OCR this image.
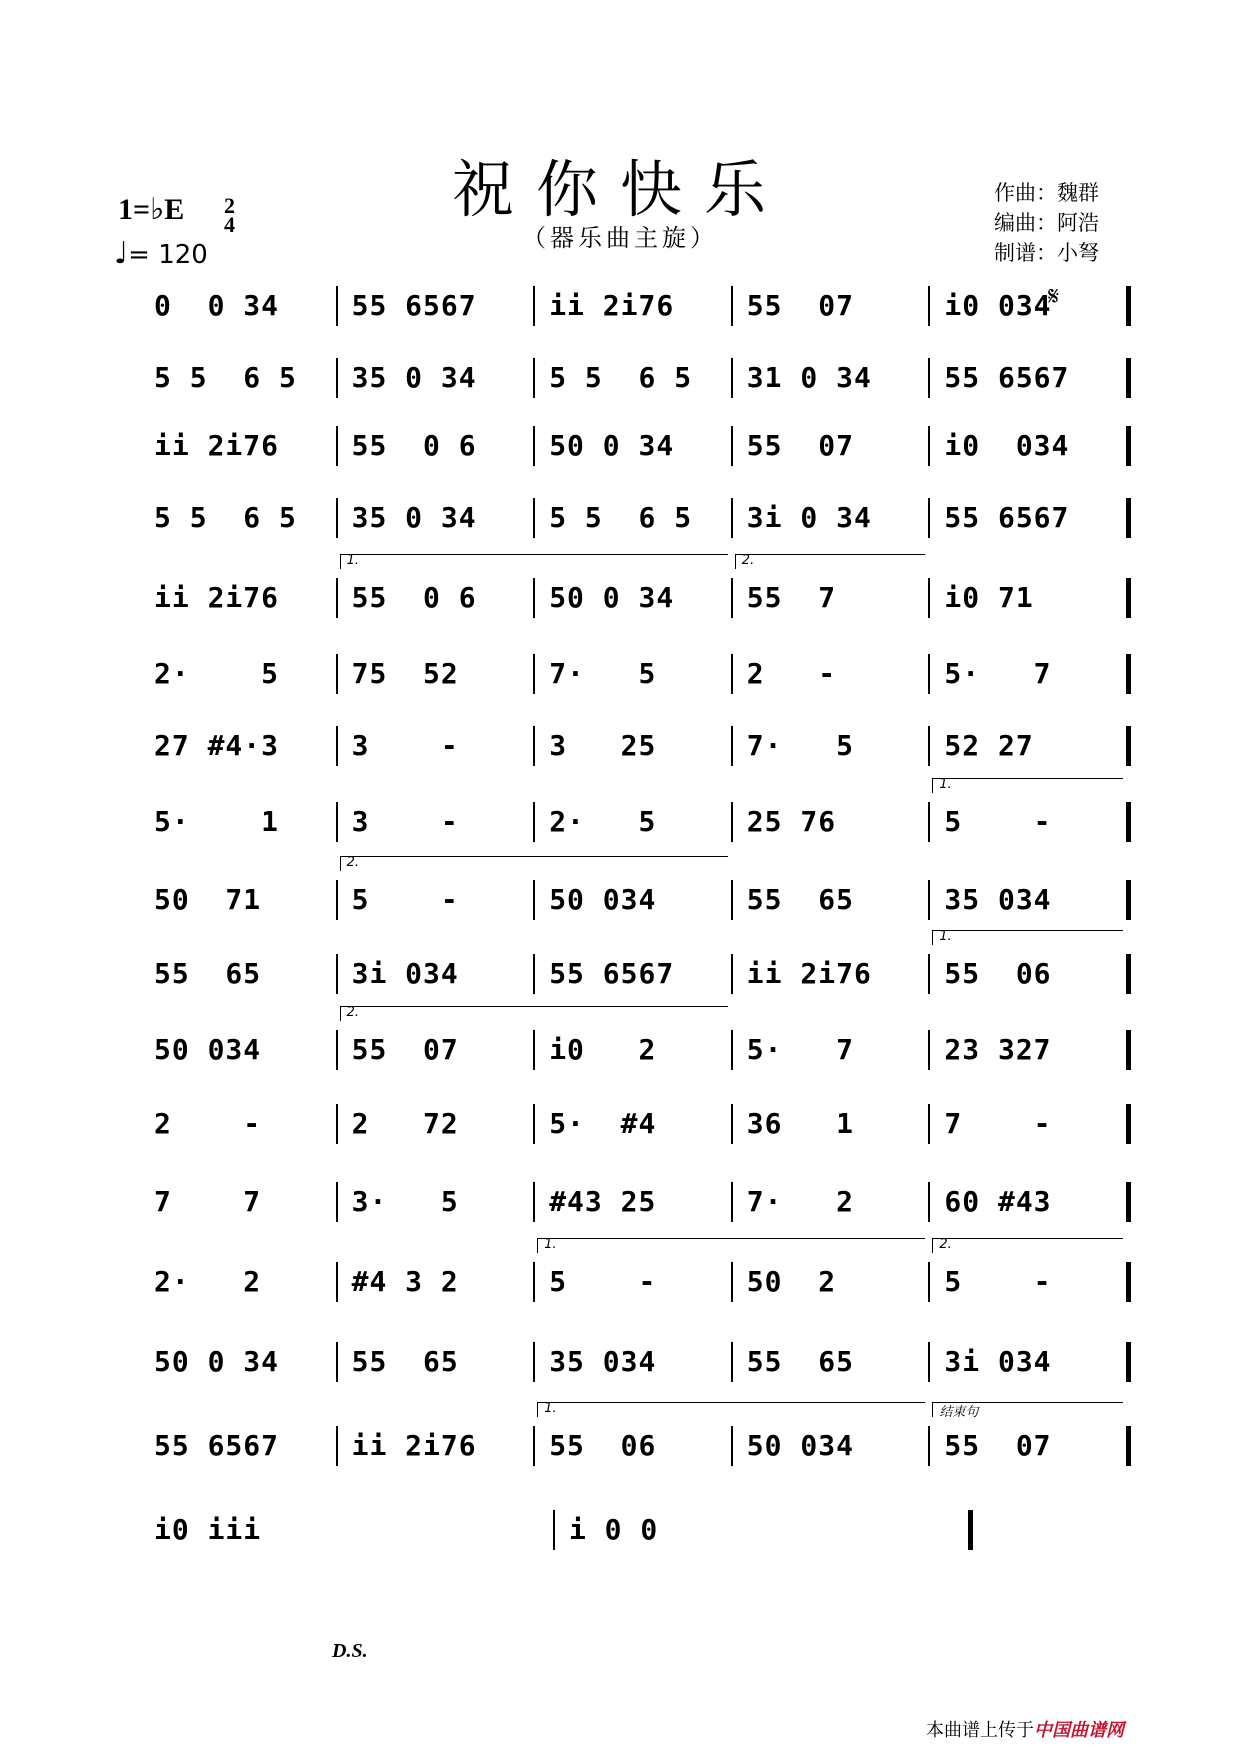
祝你快乐
（器乐曲主旋）
作曲：魏群
编曲：阿浩
制谱：小弩
1=♭E 2
4
♩= 120
𝄋
0  0 34	55 6567	ii 2i76	55  07	i0 034
5 5  6 5	35 0 34	5 5  6 5	31 0 34	55 6567
ii 2i76	55  0 6	50 0 34	55  07	i0  034
5 5  6 5	35 0 34	5 5  6 5	3i 0 34	55 6567
ii 2i76	55  0 6	50 0 34	55  7	i0 71
1.	2.
2·    5	75  52	7·   5	2   -	5·   7
27 #4·3	3    -	3   25	7·   5	52 27
5·    1	3    -	2·   5	25 76	5    -
1.
50  71	5    -	50 034	55  65	35 034
2.
55  65	3i 034	55 6567	ii 2i76	55  06
1.
50 034	55  07	i0   2	5·   7	23 327
2.
2    -	2   72	5·  #4	36   1	7    -
7    7	3·   5	#43 25	7·   2	60 #43
2·   2	#4 3 2	5    -	50  2	5    -
1.	2.
50 0 34	55  65	35 034	55  65	3i 034
55 6567	ii 2i76	55  06	50 034	55  07
1.	结束句
i0 iii	i 0 0
D.S.
本曲谱上传于中国曲谱网
